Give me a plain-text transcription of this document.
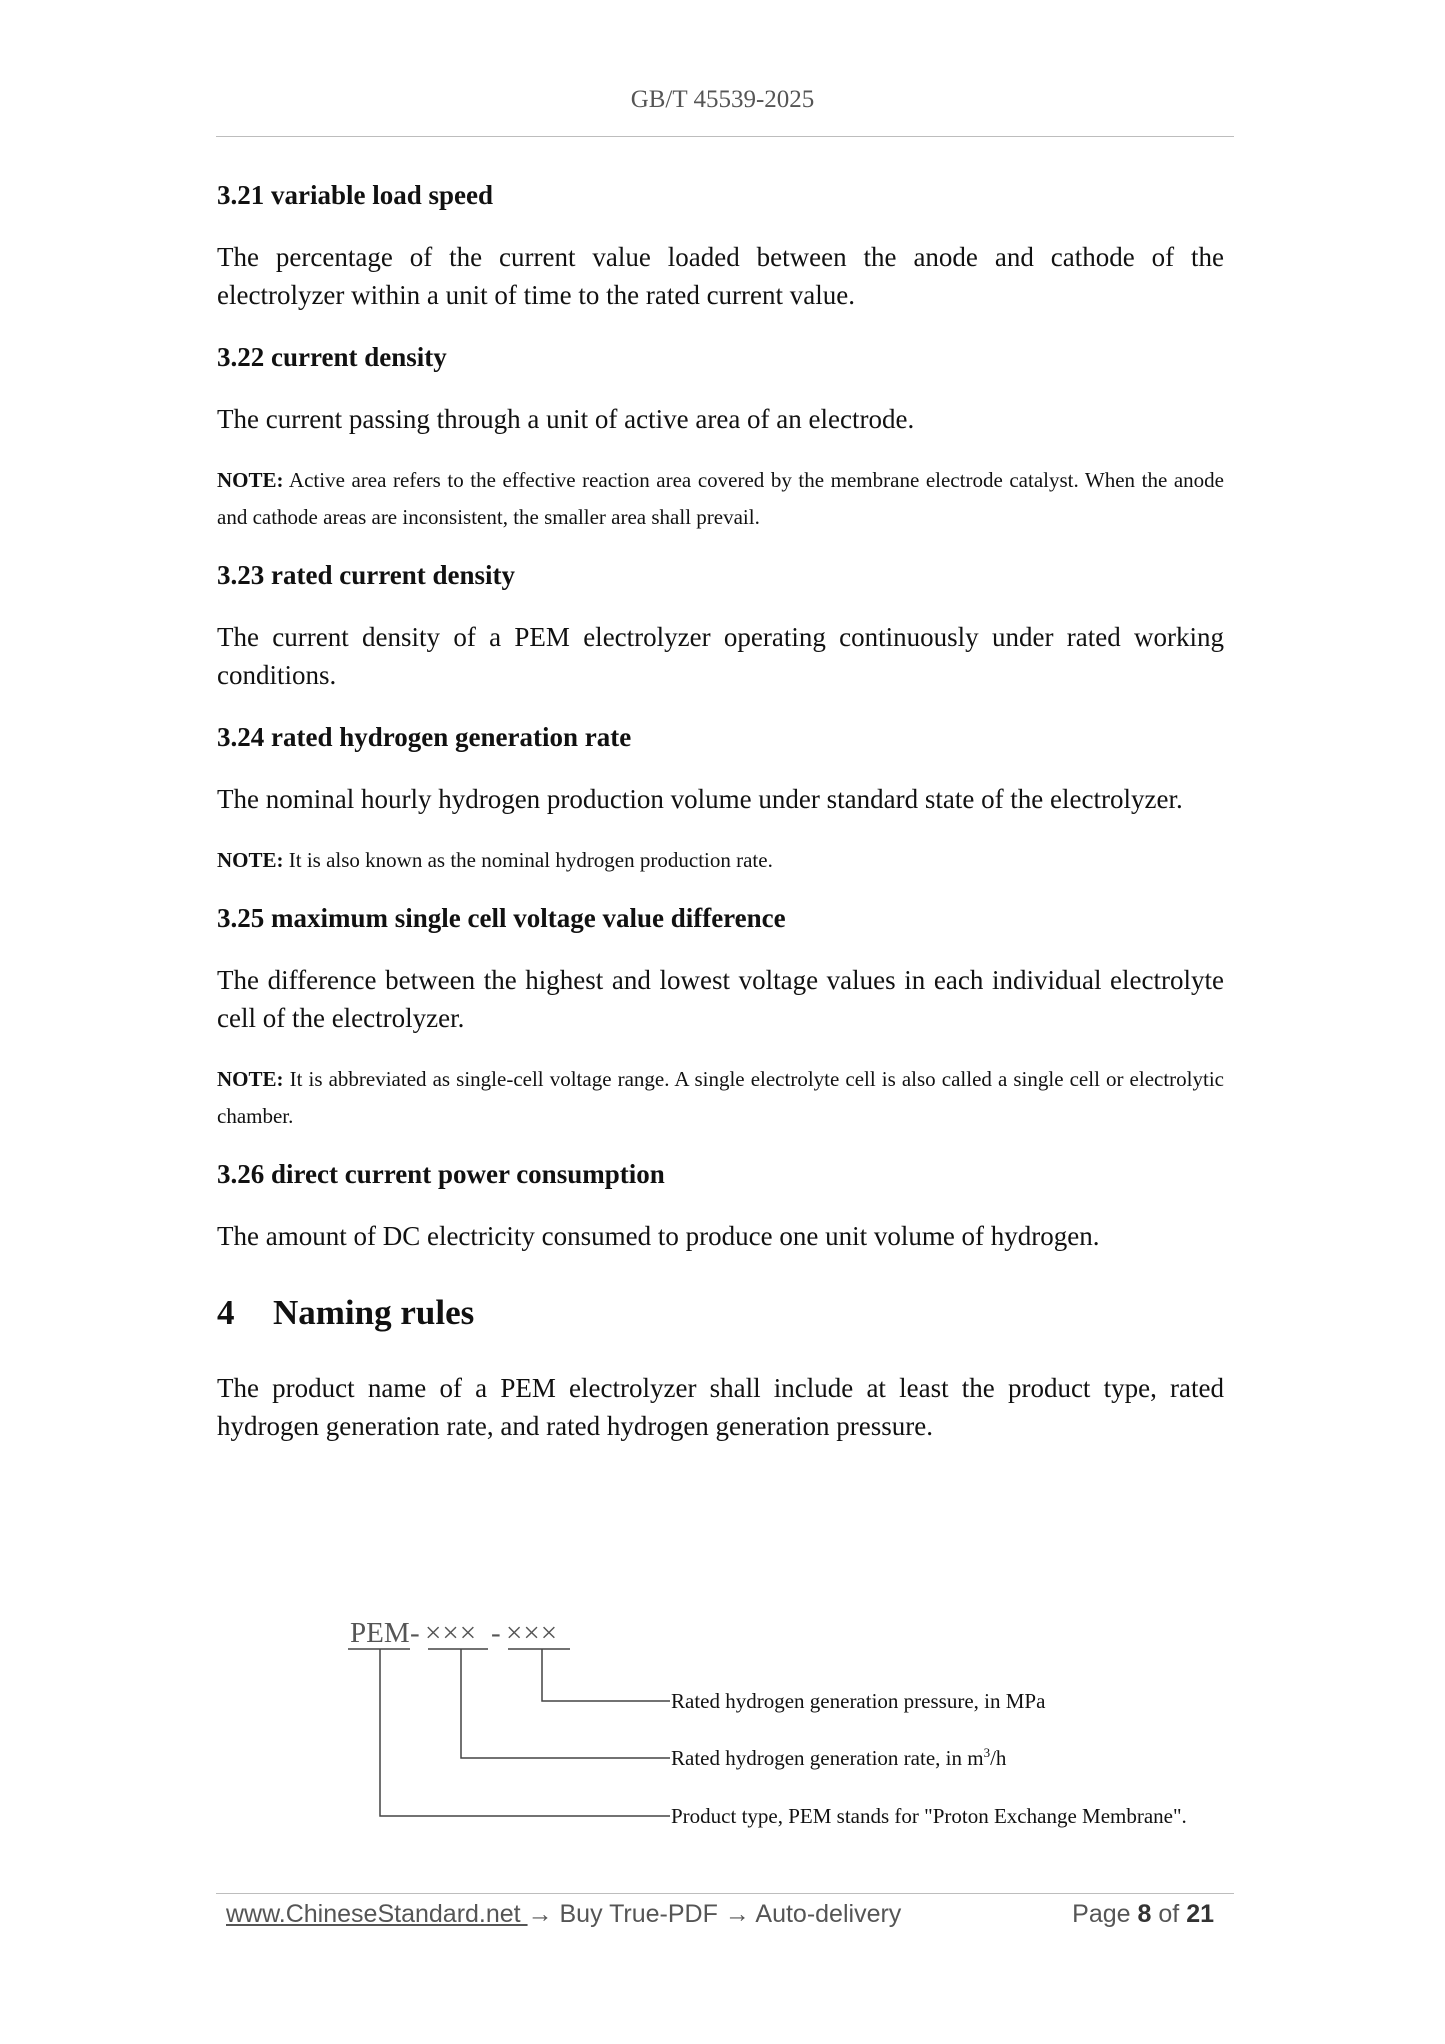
GB/T 45539-2025

3.21 variable load speed

The percentage of the current value loaded between the anode and cathode of the electrolyzer within a unit of time to the rated current value.

3.22 current density

The current passing through a unit of active area of an electrode.

NOTE: Active area refers to the effective reaction area covered by the membrane electrode catalyst. When the anode and cathode areas are inconsistent, the smaller area shall prevail.

3.23 rated current density

The current density of a PEM electrolyzer operating continuously under rated working conditions.

3.24 rated hydrogen generation rate

The nominal hourly hydrogen production volume under standard state of the electrolyzer.

NOTE: It is also known as the nominal hydrogen production rate.

3.25 maximum single cell voltage value difference

The difference between the highest and lowest voltage values in each individual electrolyte cell of the electrolyzer.

NOTE: It is abbreviated as single-cell voltage range. A single electrolyte cell is also called a single cell or electrolytic chamber.

3.26 direct current power consumption

The amount of DC electricity consumed to produce one unit volume of hydrogen.

4 Naming rules

The product name of a PEM electrolyzer shall include at least the product type, rated hydrogen generation rate, and rated hydrogen generation pressure.

PEM - ××× - ×××
Rated hydrogen generation pressure, in MPa
Rated hydrogen generation rate, in $m^3/h$
Product type, PEM stands for "Proton Exchange Membrane".
www.ChineseStandard.net → Buy True-PDF → Auto-delivery	Page 8 of 21
